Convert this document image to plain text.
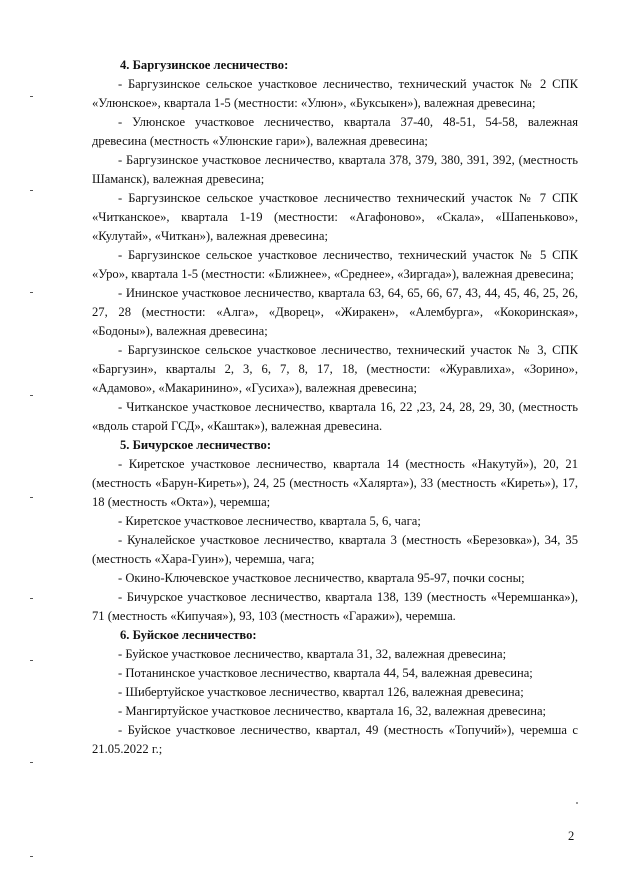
4. Баргузинское лесничество:

- Баргузинское сельское участковое лесничество, технический участок № 2 СПК «Улюнское», квартала 1-5 (местности: «Улюн», «Буксыкен»), валежная древесина;

- Улюнское участковое лесничество, квартала 37-40, 48-51, 54-58, валежная древесина (местность «Улюнские гари»), валежная древесина;

- Баргузинское участковое лесничество, квартала 378, 379, 380, 391, 392, (местность Шаманск), валежная древесина;

- Баргузинское сельское участковое лесничество технический участок № 7 СПК «Читканское», квартала 1-19 (местности: «Агафоново», «Скала», «Шапеньково», «Кулутай», «Читкан»), валежная древесина;

- Баргузинское сельское участковое лесничество, технический участок № 5 СПК «Уро», квартала 1-5 (местности: «Ближнее», «Среднее», «Зиргада»), валежная древесина;

- Ининское участковое лесничество, квартала 63, 64, 65, 66, 67, 43, 44, 45, 46, 25, 26, 27, 28 (местности: «Алга», «Дворец», «Жиракен», «Алембурга», «Кокоринская», «Бодоны»), валежная древесина;

- Баргузинское сельское участковое лесничество, технический участок № 3, СПК «Баргузин», кварталы 2, 3, 6, 7, 8, 17, 18, (местности: «Журавлиха», «Зорино», «Адамово», «Макаринино», «Гусиха»), валежная древесина;

- Читканское участковое лесничество, квартала 16, 22 ,23, 24, 28, 29, 30, (местность «вдоль старой ГСД», «Каштак»), валежная древесина.

5. Бичурское лесничество:

- Киретское участковое лесничество, квартала 14 (местность «Накутуй»), 20, 21 (местность «Барун-Киреть»), 24, 25 (местность «Халярта»), 33 (местность «Киреть»), 17, 18 (местность «Окта»), черемша;

- Киретское участковое лесничество, квартала 5, 6, чага;

- Куналейское участковое лесничество, квартала 3 (местность «Березовка»), 34, 35 (местность «Хара-Гуин»), черемша, чага;

- Окино-Ключевское участковое лесничество, квартала 95-97, почки сосны;

- Бичурское участковое лесничество, квартала 138, 139 (местность «Черемшанка»), 71 (местность «Кипучая»), 93, 103 (местность «Гаражи»), черемша.

6. Буйское лесничество:

- Буйское участковое лесничество, квартала 31, 32, валежная древесина;

- Потанинское участковое лесничество, квартала 44, 54, валежная древесина;

- Шибертуйское участковое лесничество, квартал 126, валежная древесина;

- Мангиртуйское участковое лесничество, квартала 16, 32, валежная древесина;

- Буйское участковое лесничество, квартал, 49 (местность «Топучий»), черемша с 21.05.2022 г.;

2
